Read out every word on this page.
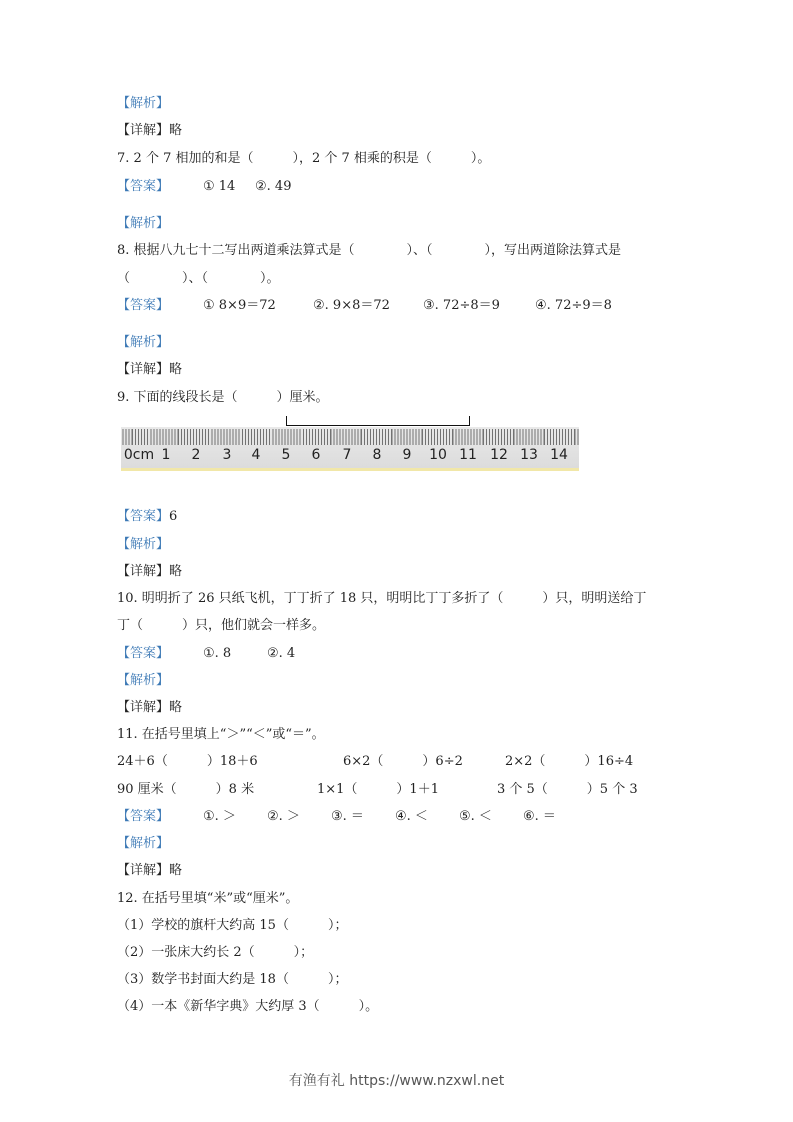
【解析】
【详解】略
7. 2 个 7 相加的和是（　　　），2 个 7 相乘的积是（　　　）。
【答案】	① 14 ②. 49
【解析】
8. 根据八九七十二写出两道乘法算式是（　　　　）、（　　　　），写出两道除法算式是
（　　　　）、（　　　　）。
【答案】	① 8×9＝72	②. 9×8＝72	③. 72÷8＝9	④. 72÷9＝8
【解析】
【详解】略
9. 下面的线段长是（　　　）厘米。
0cm 1 2 3 4 5 6 7 8 9 10 11 12 13 14
【答案】6
【解析】
【详解】略
10. 明明折了 26 只纸飞机，丁丁折了 18 只，明明比丁丁多折了（　　　）只，明明送给丁
丁（　　　）只，他们就会一样多。
【答案】	①. 8	②. 4
【解析】
【详解】略
11. 在括号里填上“＞”“＜”或“＝”。
24＋6（　　　）18＋6	6×2（　　　）6÷2	2×2（　　　）16÷4
90 厘米（　　　）8 米	1×1（　　　）1＋1	3 个 5（　　　）5 个 3
【答案】	①. ＞ ②. ＞ ③. ＝ ④. ＜ ⑤. ＜ ⑥. ＝
【解析】
【详解】略
12. 在括号里填“米”或“厘米”。
（1）学校的旗杆大约高 15（　　　）；
（2）一张床大约长 2（　　　）；
（3）数学书封面大约是 18（　　　）；
（4）一本《新华字典》大约厚 3（　　　）。
有渔有礼 https://www.nzxwl.net
